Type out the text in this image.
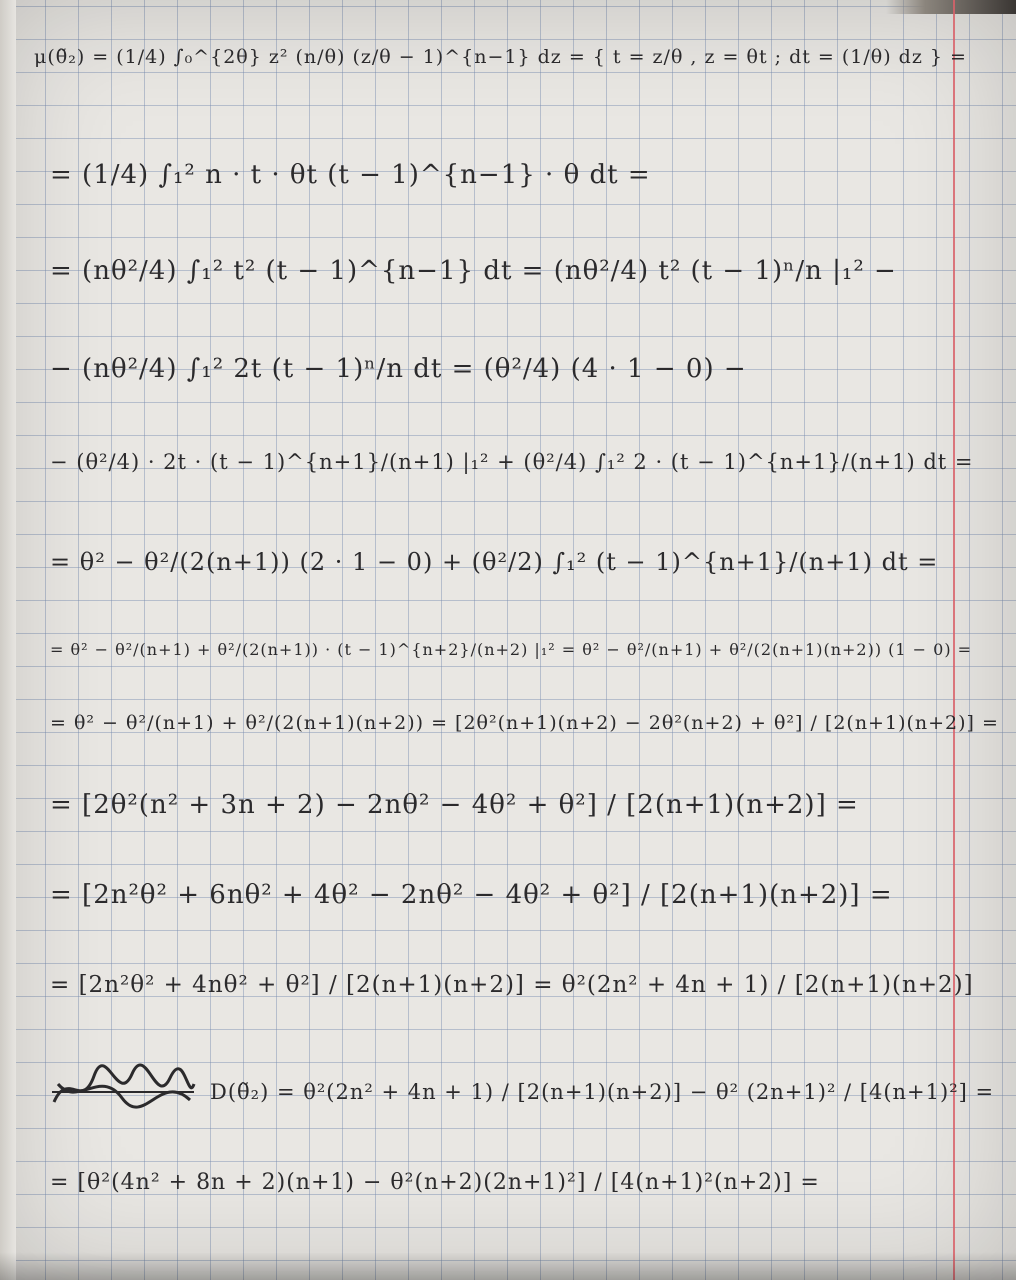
μ(θ̃₂) = (1/4) ∫₀^{2θ} z² (n/θ) (z/θ − 1)^{n−1} dz = { t = z/θ , z = θt ; dt = (1/θ) dz } =
= (1/4) ∫₁² n · t · θt (t − 1)^{n−1} · θ dt =
= (nθ²/4) ∫₁² t² (t − 1)^{n−1} dt = (nθ²/4) t² (t − 1)ⁿ/n |₁² −
− (nθ²/4) ∫₁² 2t (t − 1)ⁿ/n dt = (θ²/4) (4 · 1 − 0) −
− (θ²/4) · 2t · (t − 1)^{n+1}/(n+1) |₁² + (θ²/4) ∫₁² 2 · (t − 1)^{n+1}/(n+1) dt =
= θ² − θ²/(2(n+1)) (2 · 1 − 0) + (θ²/2) ∫₁² (t − 1)^{n+1}/(n+1) dt =
= θ² − θ²/(n+1) + θ²/(2(n+1)) · (t − 1)^{n+2}/(n+2) |₁² = θ² − θ²/(n+1) + θ²/(2(n+1)(n+2)) (1 − 0) =
= θ² − θ²/(n+1) + θ²/(2(n+1)(n+2)) = [2θ²(n+1)(n+2) − 2θ²(n+2) + θ²] / [2(n+1)(n+2)] =
= [2θ²(n² + 3n + 2) − 2nθ² − 4θ² + θ²] / [2(n+1)(n+2)] =
= [2n²θ² + 6nθ² + 4θ² − 2nθ² − 4θ² + θ²] / [2(n+1)(n+2)] =
= [2n²θ² + 4nθ² + θ²] / [2(n+1)(n+2)] = θ²(2n² + 4n + 1) / [2(n+1)(n+2)]
D(θ̃₂) = θ²(2n² + 4n + 1) / [2(n+1)(n+2)] − θ² (2n+1)² / [4(n+1)²] =
= [θ²(4n² + 8n + 2)(n+1) − θ²(n+2)(2n+1)²] / [4(n+1)²(n+2)] =
